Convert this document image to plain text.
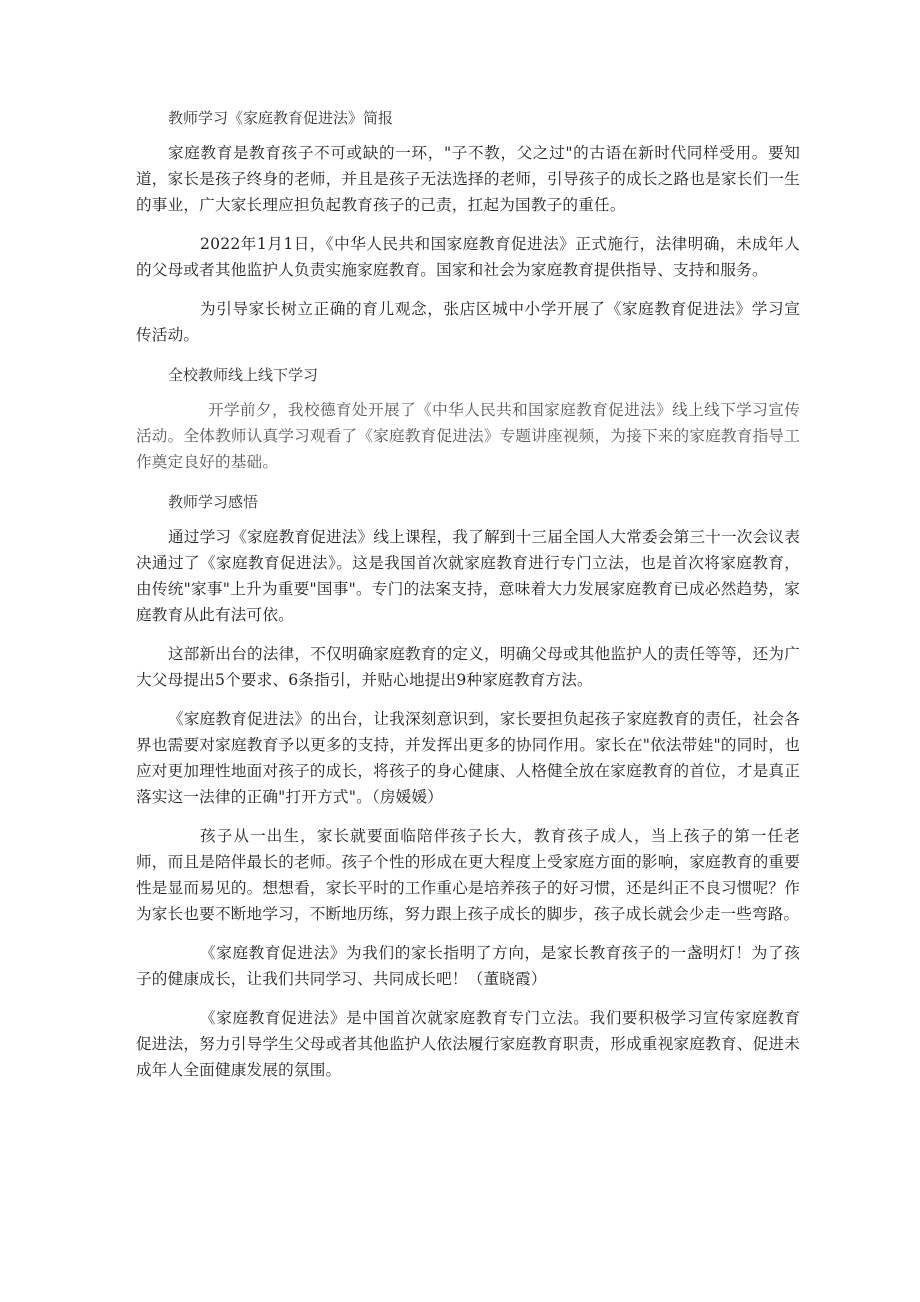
教师学习《家庭教育促进法》简报

家庭教育是教育孩子不可或缺的一环，"子不教，父之过"的古语在新时代同样受用。要知道，家长是孩子终身的老师，并且是孩子无法选择的老师，引导孩子的成长之路也是家长们一生的事业，广大家长理应担负起教育孩子的己责，扛起为国教子的重任。

2022年1月1日，《中华人民共和国家庭教育促进法》正式施行，法律明确，未成年人的父母或者其他监护人负责实施家庭教育。国家和社会为家庭教育提供指导、支持和服务。

为引导家长树立正确的育儿观念，张店区城中小学开展了《家庭教育促进法》学习宣传活动。

全校教师线上线下学习

开学前夕，我校德育处开展了《中华人民共和国家庭教育促进法》线上线下学习宣传活动。全体教师认真学习观看了《家庭教育促进法》专题讲座视频，为接下来的家庭教育指导工作奠定良好的基础。

教师学习感悟

通过学习《家庭教育促进法》线上课程，我了解到十三届全国人大常委会第三十一次会议表决通过了《家庭教育促进法》。这是我国首次就家庭教育进行专门立法，也是首次将家庭教育，由传统"家事"上升为重要"国事"。专门的法案支持，意味着大力发展家庭教育已成必然趋势，家庭教育从此有法可依。

这部新出台的法律，不仅明确家庭教育的定义，明确父母或其他监护人的责任等等，还为广大父母提出5个要求、6条指引，并贴心地提出9种家庭教育方法。

《家庭教育促进法》的出台，让我深刻意识到，家长要担负起孩子家庭教育的责任，社会各界也需要对家庭教育予以更多的支持，并发挥出更多的协同作用。家长在"依法带娃"的同时，也应对更加理性地面对孩子的成长，将孩子的身心健康、人格健全放在家庭教育的首位，才是真正落实这一法律的正确"打开方式"。（房媛媛）

孩子从一出生，家长就要面临陪伴孩子长大，教育孩子成人，当上孩子的第一任老师，而且是陪伴最长的老师。孩子个性的形成在更大程度上受家庭方面的影响，家庭教育的重要性是显而易见的。想想看，家长平时的工作重心是培养孩子的好习惯，还是纠正不良习惯呢？作为家长也要不断地学习，不断地历练，努力跟上孩子成长的脚步，孩子成长就会少走一些弯路。

《家庭教育促进法》为我们的家长指明了方向，是家长教育孩子的一盏明灯！为了孩子的健康成长，让我们共同学习、共同成长吧！（董晓霞）

《家庭教育促进法》是中国首次就家庭教育专门立法。我们要积极学习宣传家庭教育促进法，努力引导学生父母或者其他监护人依法履行家庭教育职责，形成重视家庭教育、促进未成年人全面健康发展的氛围。
